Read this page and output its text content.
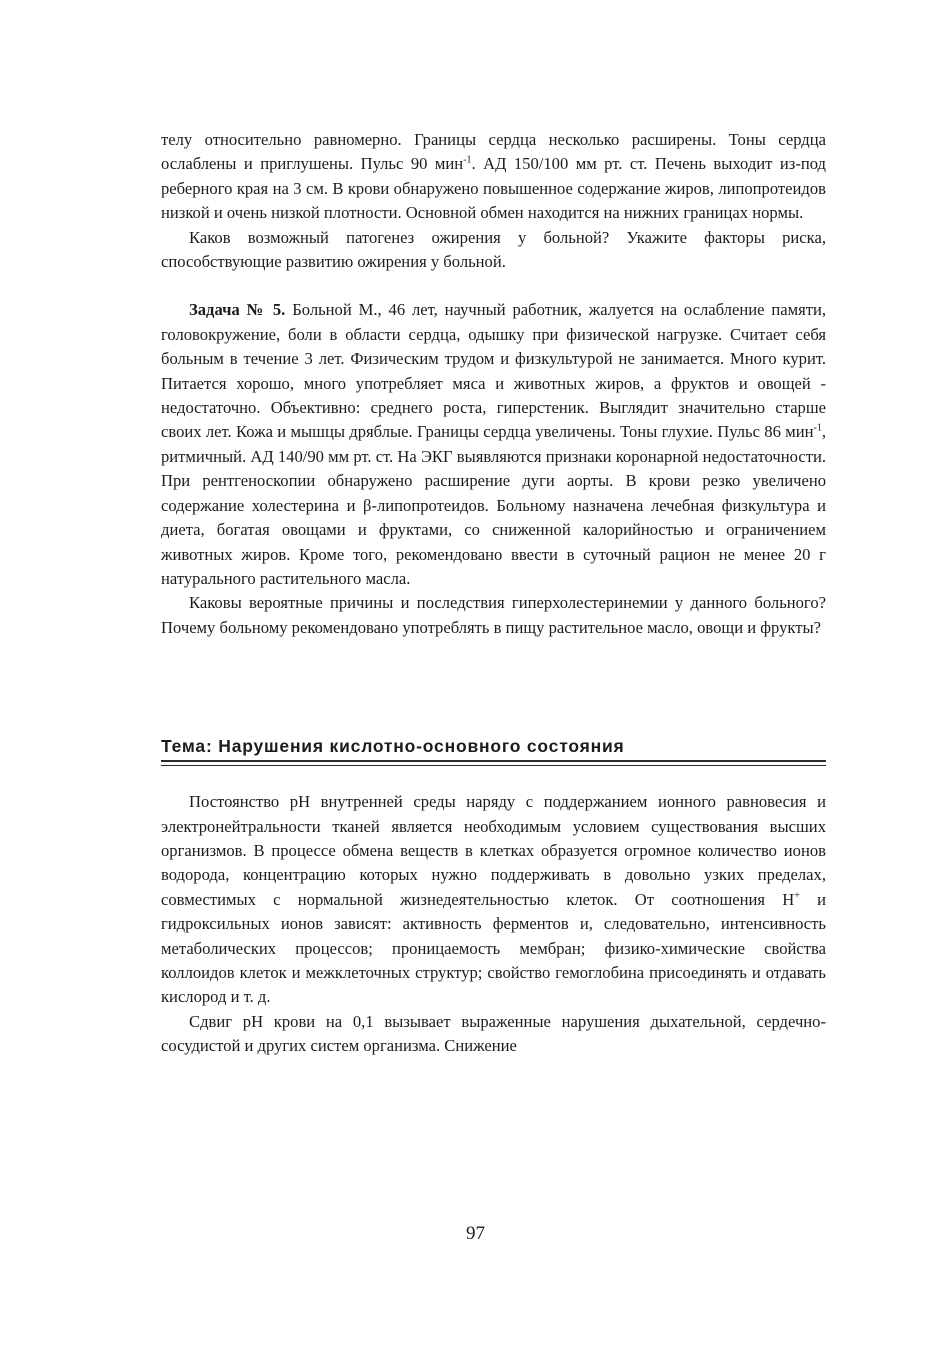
телу относительно равномерно. Границы сердца несколько расширены. Тоны сердца ослаблены и приглушены. Пульс 90 мин$^{-1}$. АД 150/100 мм рт. ст. Печень выходит из-под реберного края на 3 см. В крови обнаружено повышенное содержание жиров, липопротеидов низкой и очень низкой плотности. Основной обмен находится на нижних границах нормы.

Каков возможный патогенез ожирения у больной? Укажите факторы риска, способствующие развитию ожирения у больной.

Задача № 5. Больной М., 46 лет, научный работник, жалуется на ослабление памяти, головокружение, боли в области сердца, одышку при физической нагрузке. Считает себя больным в течение 3 лет. Физическим трудом и физкультурой не занимается. Много курит. Питается хорошо, много употребляет мяса и животных жиров, а фруктов и овощей - недостаточно. Объективно: среднего роста, гиперстеник. Выглядит значительно старше своих лет. Кожа и мышцы дряблые. Границы сердца увеличены. Тоны глухие. Пульс 86 мин$^{-1}$, ритмичный. АД 140/90 мм рт. ст. На ЭКГ выявляются признаки коронарной недостаточности. При рентгеноскопии обнаружено расширение дуги аорты. В крови резко увеличено содержание холестерина и β-липопротеидов. Больному назначена лечебная физкультура и диета, богатая овощами и фруктами, со сниженной калорийностью и ограничением животных жиров. Кроме того, рекомендовано ввести в суточный рацион не менее 20 г натурального растительного масла.

Каковы вероятные причины и последствия гиперхолестеринемии у данного больного? Почему больному рекомендовано употреблять в пищу растительное масло, овощи и фрукты?

Тема: Нарушения кислотно-основного состояния

Постоянство рН внутренней среды наряду с поддержанием ионного равновесия и электронейтральности тканей является необходимым условием существования высших организмов. В процессе обмена веществ в клетках образуется огромное количество ионов водорода, концентрацию которых нужно поддерживать в довольно узких пределах, совместимых с нормальной жизнедеятельностью клеток. От соотношения Н+ и гидроксильных ионов зависят: активность ферментов и, следовательно, интенсивность метаболических процессов; проницаемость мембран; физико-химические свойства коллоидов клеток и межклеточных структур; свойство гемоглобина присоединять и отдавать кислород и т. д.

Сдвиг рН крови на 0,1 вызывает выраженные нарушения дыхательной, сердечно-сосудистой и других систем организма. Снижение

97
